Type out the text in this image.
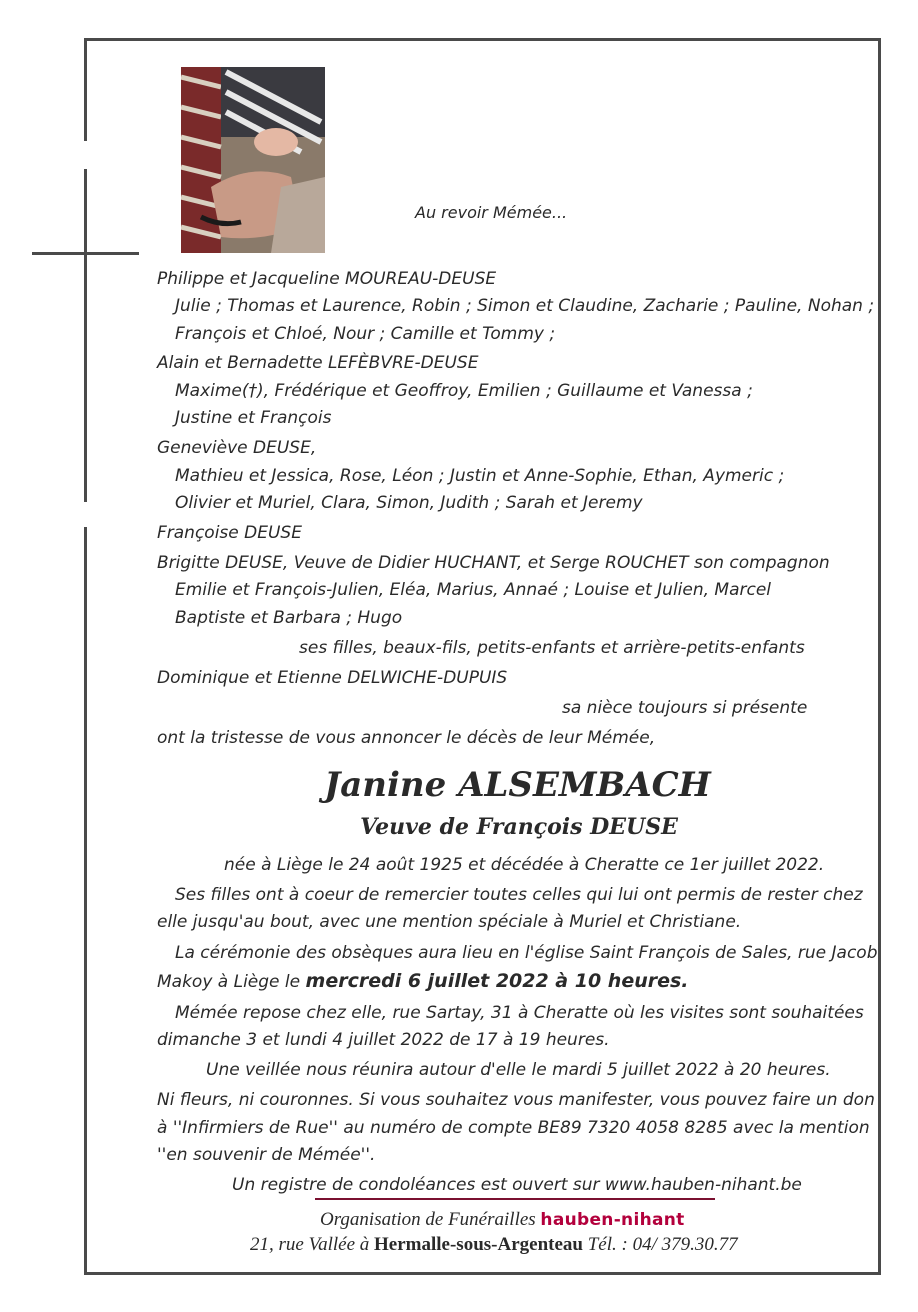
Au revoir Mémée...
Philippe et Jacqueline MOUREAU-DEUSE
Julie ; Thomas et Laurence, Robin ; Simon et Claudine, Zacharie ; Pauline, Nohan ;
François et Chloé, Nour ; Camille et Tommy ;
Alain et Bernadette LEFÈBVRE-DEUSE
Maxime(†), Frédérique et Geoffroy, Emilien ; Guillaume et Vanessa ;
Justine et François
Geneviève DEUSE,
Mathieu et Jessica, Rose, Léon ; Justin et Anne-Sophie, Ethan, Aymeric ;
Olivier et Muriel, Clara, Simon, Judith ; Sarah et Jeremy
Françoise DEUSE
Brigitte DEUSE, Veuve de Didier HUCHANT, et Serge ROUCHET son compagnon
Emilie et François-Julien, Eléa, Marius, Annaé ; Louise et Julien, Marcel
Baptiste et Barbara ; Hugo
ses filles, beaux-fils, petits-enfants et arrière-petits-enfants
Dominique et Etienne DELWICHE-DUPUIS
sa nièce toujours si présente
ont la tristesse de vous annoncer le décès de leur Mémée,
Janine ALSEMBACH
Veuve de François DEUSE
née à Liège le 24 août 1925 et décédée à Cheratte ce 1er juillet 2022.
Ses filles ont à coeur de remercier toutes celles qui lui ont permis de rester chez
elle jusqu'au bout, avec une mention spéciale à Muriel et Christiane.
La cérémonie des obsèques aura lieu en l'église Saint François de Sales, rue Jacob
Makoy à Liège le mercredi 6 juillet 2022 à 10 heures.
Mémée repose chez elle, rue Sartay, 31 à Cheratte où les visites sont souhaitées
dimanche 3 et lundi 4 juillet 2022 de 17 à 19 heures.
Une veillée nous réunira autour d'elle le mardi 5 juillet 2022 à 20 heures.
Ni fleurs, ni couronnes. Si vous souhaitez vous manifester, vous pouvez faire un don
à ''Infirmiers de Rue'' au numéro de compte BE89 7320 4058 8285 avec la mention
''en souvenir de Mémée''.
Un registre de condoléances est ouvert sur www.hauben-nihant.be
Organisation de Funérailles hauben-nihant
21, rue Vallée à Hermalle-sous-Argenteau Tél. : 04/ 379.30.77
